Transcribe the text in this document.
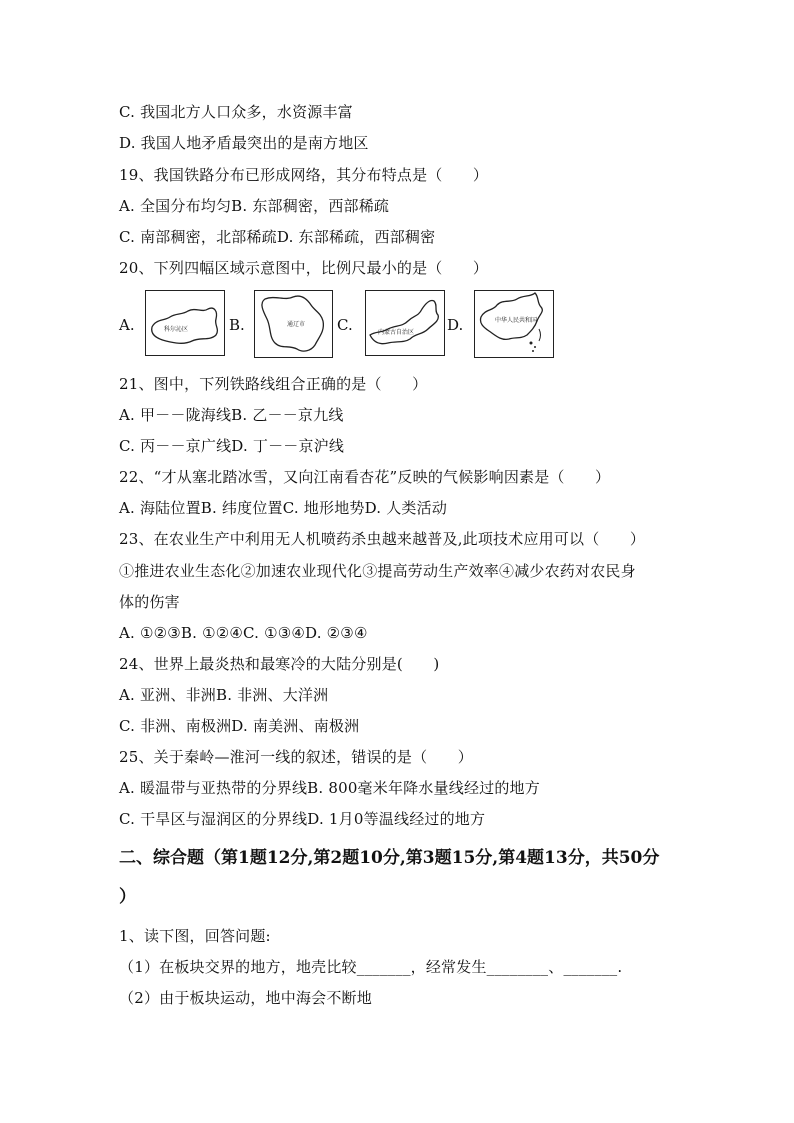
C. 我国北方人口众多，水资源丰富
D. 我国人地矛盾最突出的是南方地区
19、我国铁路分布已形成网络，其分布特点是（　　）
A. 全国分布均匀B. 东部稠密，西部稀疏
C. 南部稠密，北部稀疏D. 东部稀疏，西部稠密
20、下列四幅区域示意图中，比例尺最小的是（　　）
A.	科尔沁区	B.	通辽市 C.	内蒙古自治区 D.	中华人民共和国
21、图中，下列铁路线组合正确的是（　　）
A. 甲－－陇海线B. 乙－－京九线
C. 丙－－京广线D. 丁－－京沪线
22、“才从塞北踏冰雪，又向江南看杏花”反映的气候影响因素是（　　）
A. 海陆位置B. 纬度位置C. 地形地势D. 人类活动
23、在农业生产中利用无人机喷药杀虫越来越普及,此项技术应用可以（　　）
①推进农业生态化②加速农业现代化③提高劳动生产效率④减少农药对农民身
体的伤害
A. ①②③B. ①②④C. ①③④D. ②③④
24、世界上最炎热和最寒冷的大陆分别是(　　)
A. 亚洲、非洲B. 非洲、大洋洲
C. 非洲、南极洲D. 南美洲、南极洲
25、关于秦岭—淮河一线的叙述，错误的是（　　）
A. 暖温带与亚热带的分界线B. 800毫米年降水量线经过的地方
C. 干旱区与湿润区的分界线D. 1月0等温线经过的地方
二、综合题（第1题12分,第2题10分,第3题15分,第4题13分，共50分
）
1、读下图，回答问题:
（1）在板块交界的地方，地壳比较_______，经常发生________、_______.
（2）由于板块运动，地中海会不断地
